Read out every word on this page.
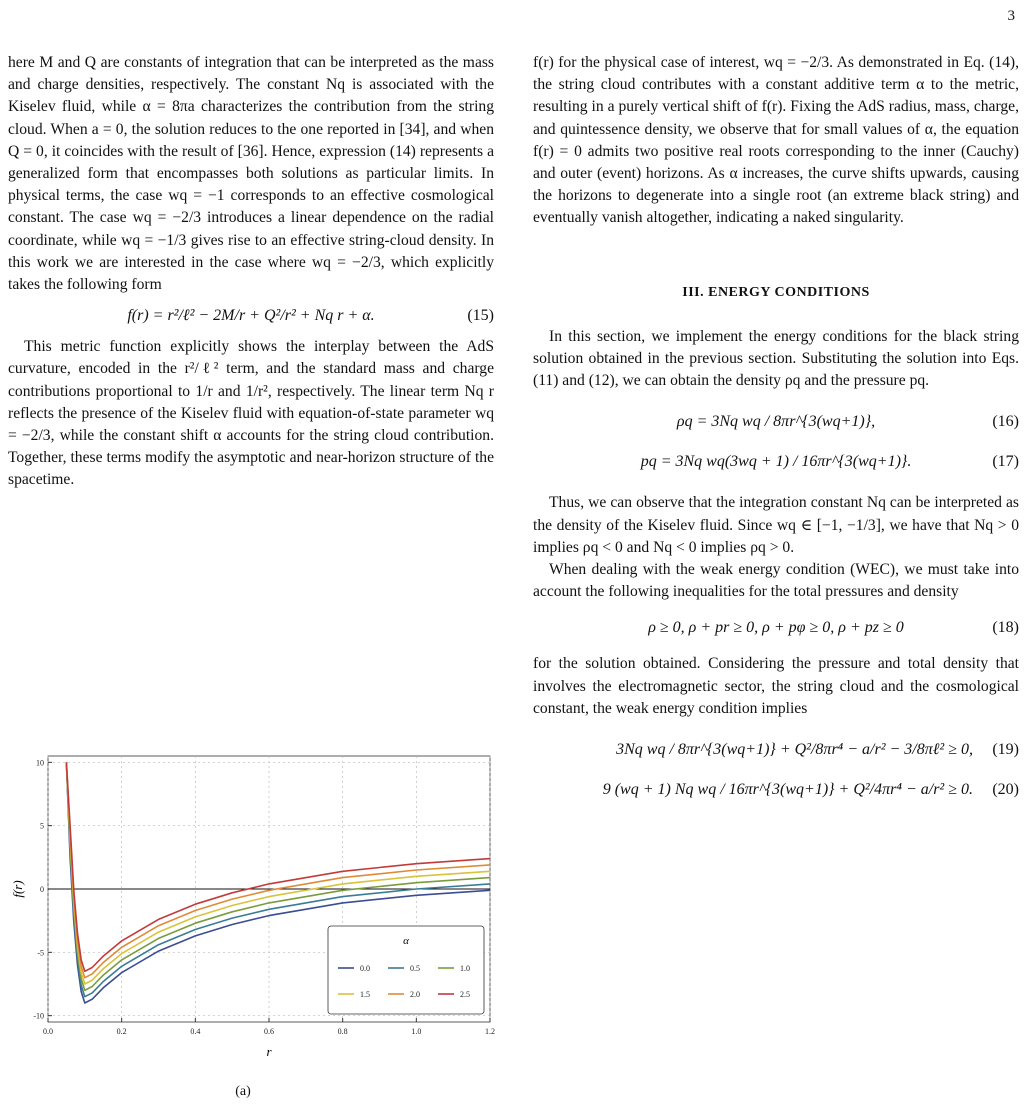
3

here M and Q are constants of integration that can be interpreted as the mass and charge densities, respectively. The constant Nq is associated with the Kiselev fluid, while α = 8πa characterizes the contribution from the string cloud. When a = 0, the solution reduces to the one reported in [34], and when Q = 0, it coincides with the result of [36]. Hence, expression (14) represents a generalized form that encompasses both solutions as particular limits. In physical terms, the case wq = −1 corresponds to an effective cosmological constant. The case wq = −2/3 introduces a linear dependence on the radial coordinate, while wq = −1/3 gives rise to an effective string-cloud density. In this work we are interested in the case where wq = −2/3, which explicitly takes the following form

f(r) = r²/ℓ² − 2M/r + Q²/r² + Nq r + α.	(15)

This metric function explicitly shows the interplay between the AdS curvature, encoded in the r²/ℓ² term, and the standard mass and charge contributions proportional to 1/r and 1/r², respectively. The linear term Nq r reflects the presence of the Kiselev fluid with equation-of-state parameter wq = −2/3, while the constant shift α accounts for the string cloud contribution. Together, these terms modify the asymptotic and near-horizon structure of the spacetime.

f(r) for the physical case of interest, wq = −2/3. As demonstrated in Eq. (14), the string cloud contributes with a constant additive term α to the metric, resulting in a purely vertical shift of f(r). Fixing the AdS radius, mass, charge, and quintessence density, we observe that for small values of α, the equation f(r) = 0 admits two positive real roots corresponding to the inner (Cauchy) and outer (event) horizons. As α increases, the curve shifts upwards, causing the horizons to degenerate into a single root (an extreme black string) and eventually vanish altogether, indicating a naked singularity.

III. ENERGY CONDITIONS

In this section, we implement the energy conditions for the black string solution obtained in the previous section. Substituting the solution into Eqs. (11) and (12), we can obtain the density ρq and the pressure pq.

ρq = 3Nq wq / 8πr^{3(wq+1)},	(16)
pq = 3Nq wq(3wq + 1) / 16πr^{3(wq+1)}.	(17)

Thus, we can observe that the integration constant Nq can be interpreted as the density of the Kiselev fluid. Since wq ∈ [−1, −1/3], we have that Nq > 0 implies ρq < 0 and Nq < 0 implies ρq > 0.

When dealing with the weak energy condition (WEC), we must take into account the following inequalities for the total pressures and density

ρ ≥ 0, ρ + pr ≥ 0, ρ + pφ ≥ 0, ρ + pz ≥ 0	(18)

for the solution obtained. Considering the pressure and total density that involves the electromagnetic sector, the string cloud and the cosmological constant, the weak energy condition implies

3Nq wq / 8πr^{3(wq+1)} + Q²/8πr⁴ − a/r² − 3/8πℓ² ≥ 0, (19)
9 (wq + 1) Nq wq / 16πr^{3(wq+1)} + Q²/4πr⁴ − a/r² ≥ 0. (20)
0.0	0.2	0.4	0.6	0.8	1.0	1.2
10
5
0
-5
-10
r
f(r)
α
0.0	0.5	1.0
1.5	2.0	2.5
(a)
